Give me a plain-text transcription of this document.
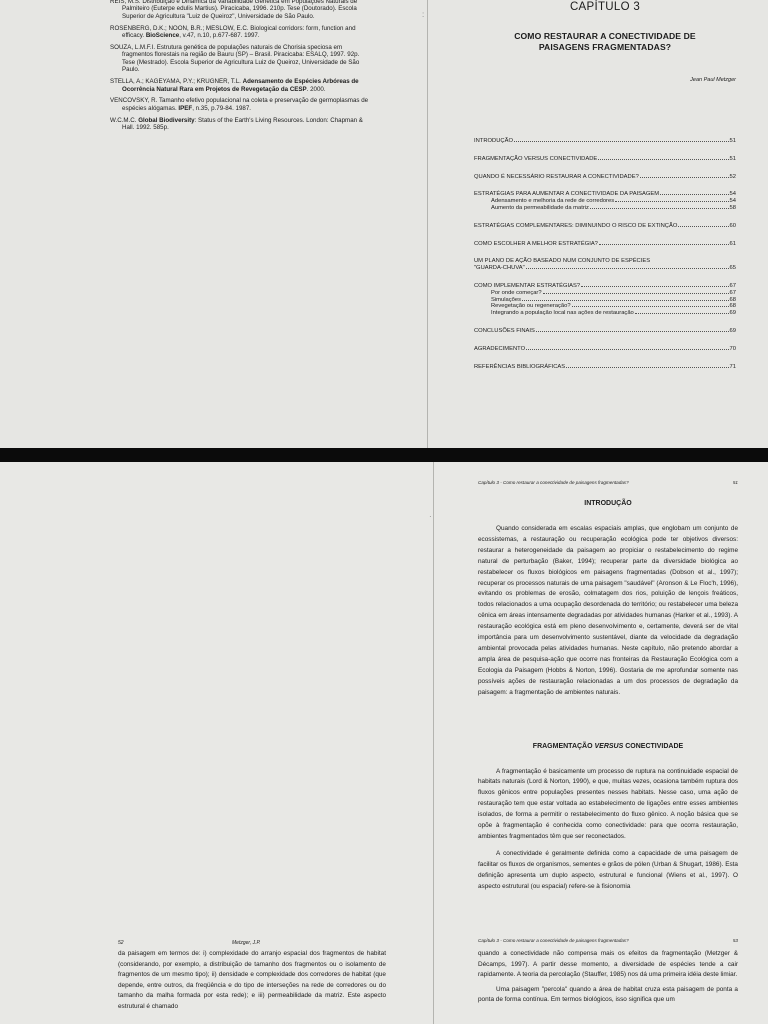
:

REIS, M.S. Distribuição e Dinâmica da Variabilidade Genética em Populações Naturais de Palmiteiro (Euterpe edulis Martius). Piracicaba, 1996. 210p. Tese (Doutorado). Escola Superior de Agricultura "Luiz de Queiroz", Universidade de São Paulo.

ROSENBERG, D.K.; NOON, B.R.; MESLOW, E.C. Biological corridors: form, function and efficacy. BioScience, v.47, n.10, p.677-687. 1997.

SOUZA, L.M.F.I. Estrutura genética de populações naturais de Chorisia speciosa em fragmentos florestais na região de Bauru (SP) – Brasil. Piracicaba: ESALQ, 1997. 92p. Tese (Mestrado). Escola Superior de Agricultura Luiz de Queiroz, Universidade de São Paulo.

STELLA, A.; KAGEYAMA, P.Y.; KRUGNER, T.L. Adensamento de Espécies Arbóreas de Ocorrência Natural Rara em Projetos de Revegetação da CESP. 2000.

VENCOVSKY, R. Tamanho efetivo populacional na coleta e preservação de germoplasmas de espécies alógamas. IPEF, n.35, p.79-84. 1987.

W.C.M.C. Global Biodiversity: Status of the Earth's Living Resources. London: Chapman & Hall. 1992. 585p.

CAPÍTULO 3
COMO RESTAURAR A CONECTIVIDADE DE
PAISAGENS FRAGMENTADAS?
Jean Paul Metzger
INTRODUÇÃO	51
FRAGMENTAÇÃO VERSUS CONECTIVIDADE	51
QUANDO É NECESSÁRIO RESTAURAR A CONECTIVIDADE?	52
ESTRATÉGIAS PARA AUMENTAR A CONECTIVIDADE DA PAISAGEM	54
Adensamento e melhoria da rede de corredores	54
Aumento da permeabilidade da matriz	58
ESTRATÉGIAS COMPLEMENTARES: DIMINUINDO O RISCO DE EXTINÇÃO	60
COMO ESCOLHER A MELHOR ESTRATÉGIA?	61
UM PLANO DE AÇÃO BASEADO NUM CONJUNTO DE ESPÉCIES
"GUARDA-CHUVA"	65
COMO IMPLEMENTAR ESTRATÉGIAS?	67
Por onde começar?	67
Simulações	68
Revegetação ou regeneração?	68
Integrando a população local nas ações de restauração	69
CONCLUSÕES FINAIS	69
AGRADECIMENTO	70
REFERÊNCIAS BIBLIOGRÁFICAS	71
·
Capítulo 3 - Como restaurar a conectividade de paisagens fragmentadas?	51
INTRODUÇÃO

Quando considerada em escalas espaciais amplas, que englobam um conjunto de ecossistemas, a restauração ou recuperação ecológica pode ter objetivos diversos: restaurar a heterogeneidade da paisagem ao propiciar o restabelecimento do regime natural de perturbação (Baker, 1994); recuperar parte da diversidade biológica ao restabelecer os fluxos biológicos em paisagens fragmentadas (Dobson et al., 1997); recuperar os processos naturais de uma paisagem "saudável" (Aronson & Le Floc'h, 1996), evitando os problemas de erosão, colmatagem dos rios, poluição de lençois freáticos, todos relacionados a uma ocupação desordenada do território; ou restabelecer uma beleza cênica em áreas intensamente degradadas por atividades humanas (Harker et al., 1993). A restauração ecológica está em pleno desenvolvimento e, certamente, deverá ser de vital importância para um desenvolvimento sustentável, diante da velocidade da degradação ambiental provocada pelas atividades humanas. Neste capítulo, não pretendo abordar a ampla área de pesquisa-ação que ocorre nas fronteiras da Restauração Ecológica com a Ecologia da Paisagem (Hobbs & Norton, 1996). Gostaria de me aprofundar somente nas possíveis ações de restauração relacionadas a um dos processos de degradação da paisagem: a fragmentação de ambientes naturais.

FRAGMENTAÇÃO VERSUS CONECTIVIDADE

A fragmentação é basicamente um processo de ruptura na continuidade espacial de habitats naturais (Lord & Norton, 1990), e que, muitas vezes, ocasiona também ruptura dos fluxos gênicos entre populações presentes nesses habitats. Nesse caso, uma ação de restauração tem que estar voltada ao estabelecimento de ligações entre esses ambientes isolados, de forma a permitir o restabelecimento do fluxo gênico. A noção básica que se opõe à fragmentação é conhecida como conectividade: para que ocorra restauração, ambientes fragmentados têm que ser reconectados.

A conectividade é geralmente definida como a capacidade de uma paisagem de facilitar os fluxos de organismos, sementes e grãos de pólen (Urban & Shugart, 1986). Esta definição apresenta um duplo aspecto, estrutural e funcional (Wiens et al., 1997). O aspecto estrutural (ou espacial) refere-se à fisionomia

52	Metzger, J.P.
da paisagem em termos de: i) complexidade do arranjo espacial dos fragmentos de habitat (considerando, por exemplo, a distribuição de tamanho dos fragmentos ou o isolamento de fragmentos de um mesmo tipo); ii) densidade e complexidade dos corredores de habitat (que depende, entre outros, da freqüência e do tipo de interseções na rede de corredores ou do tamanho da malha formada por esta rede); e iii) permeabilidade da matriz. Este aspecto estrutural é chamado
Capítulo 3 - Como restaurar a conectividade de paisagens fragmentadas?	53

quando a conectividade não compensa mais os efeitos da fragmentação (Metzger & Décamps, 1997). A partir desse momento, a diversidade de espécies tende a cair rapidamente. A teoria da percolação (Stauffer, 1985) nos dá uma primeira idéia deste limiar.

Uma paisagem "percola" quando a área de habitat cruza esta paisagem de ponta a ponta de forma contínua. Em termos biológicos, isso significa que um
